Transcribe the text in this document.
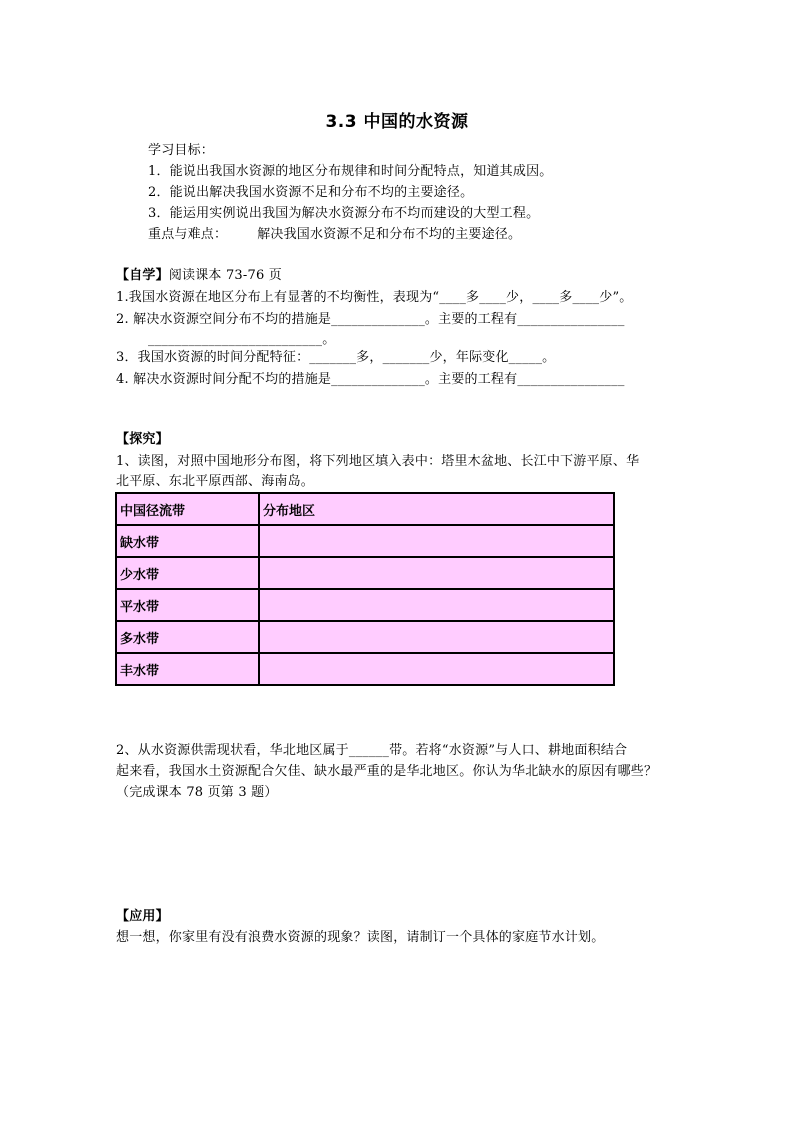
3.3 中国的水资源
学习目标：
1．能说出我国水资源的地区分布规律和时间分配特点，知道其成因。
2．能说出解决我国水资源不足和分布不均的主要途径。
3．能运用实例说出我国为解决水资源分布不均而建设的大型工程。
重点与难点： 解决我国水资源不足和分布不均的主要途径。
【自学】阅读课本 73-76 页
1.我国水资源在地区分布上有显著的不均衡性，表现为“____多____少，____多____少”。
2. 解决水资源空间分布不均的措施是______________。主要的工程有________________
__________________________。
3．我国水资源的时间分配特征：_______多，_______少，年际变化_____。
4. 解决水资源时间分配不均的措施是______________。主要的工程有________________
【探究】
1、读图，对照中国地形分布图，将下列地区填入表中：塔里木盆地、长江中下游平原、华
北平原、东北平原西部、海南岛。
中国径流带	分布地区
缺水带	
少水带	
平水带	
多水带	
丰水带	
2、从水资源供需现状看，华北地区属于______带。若将“水资源”与人口、耕地面积结合
起来看，我国水土资源配合欠佳、缺水最严重的是华北地区。你认为华北缺水的原因有哪些？
（完成课本 78 页第 3 题）
【应用】
想一想，你家里有没有浪费水资源的现象？读图，请制订一个具体的家庭节水计划。
